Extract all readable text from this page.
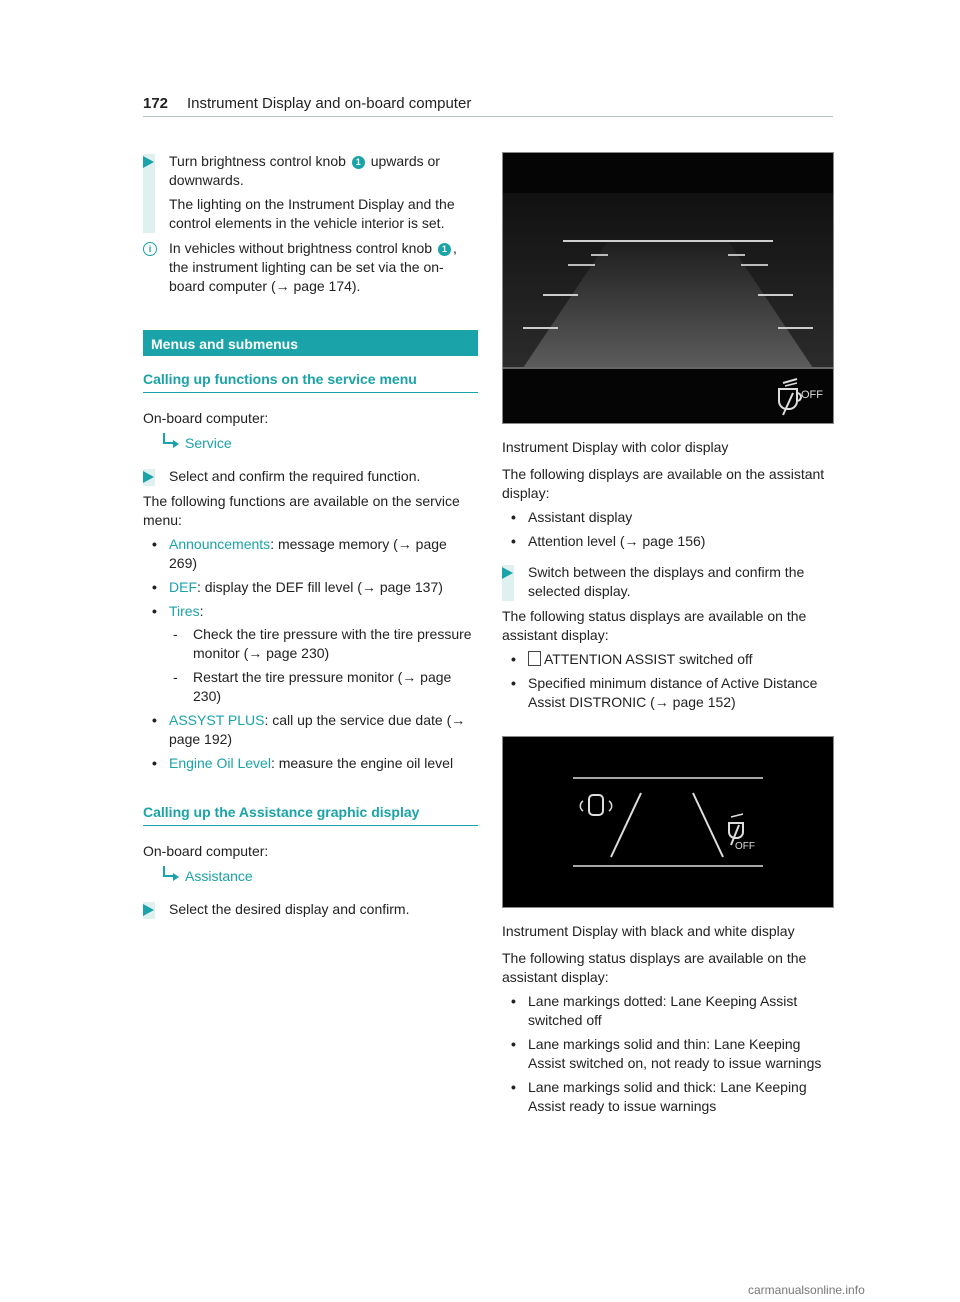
172 Instrument Display and on-board computer

Turn brightness control knob 1 upwards or downwards.

The lighting on the Instrument Display and the control elements in the vehicle interior is set.

i	In vehicles without brightness control knob 1 , the instrument lighting can be set via the on-board computer (→ page 174).

Menus and submenus
Calling up functions on the service menu

On-board computer:

Service

Select and confirm the required function.

The following functions are available on the service menu:

• Announcements: message memory (→ page 269)
• DEF: display the DEF fill level (→ page 137)
• Tires:
- Check the tire pressure with the tire pressure monitor (→ page 230)
- Restart the tire pressure monitor (→ page 230)
• ASSYST PLUS: call up the service due date (→ page 192)
• Engine Oil Level: measure the engine oil level
Calling up the Assistance graphic display

On-board computer:

Assistance

Select the desired display and confirm.

OFF

Instrument Display with color display

The following displays are available on the assistant display:

• Assistant display
• Attention level (→ page 156)

Switch between the displays and confirm the selected display.

The following status displays are available on the assistant display:

• ATTENTION ASSIST switched off
• Specified minimum distance of Active Distance Assist DISTRONIC (→ page 152)
OFF

Instrument Display with black and white display

The following status displays are available on the assistant display:

• Lane markings dotted: Lane Keeping Assist switched off
• Lane markings solid and thin: Lane Keeping Assist switched on, not ready to issue warnings
• Lane markings solid and thick: Lane Keeping Assist ready to issue warnings
carmanualsonline.info
